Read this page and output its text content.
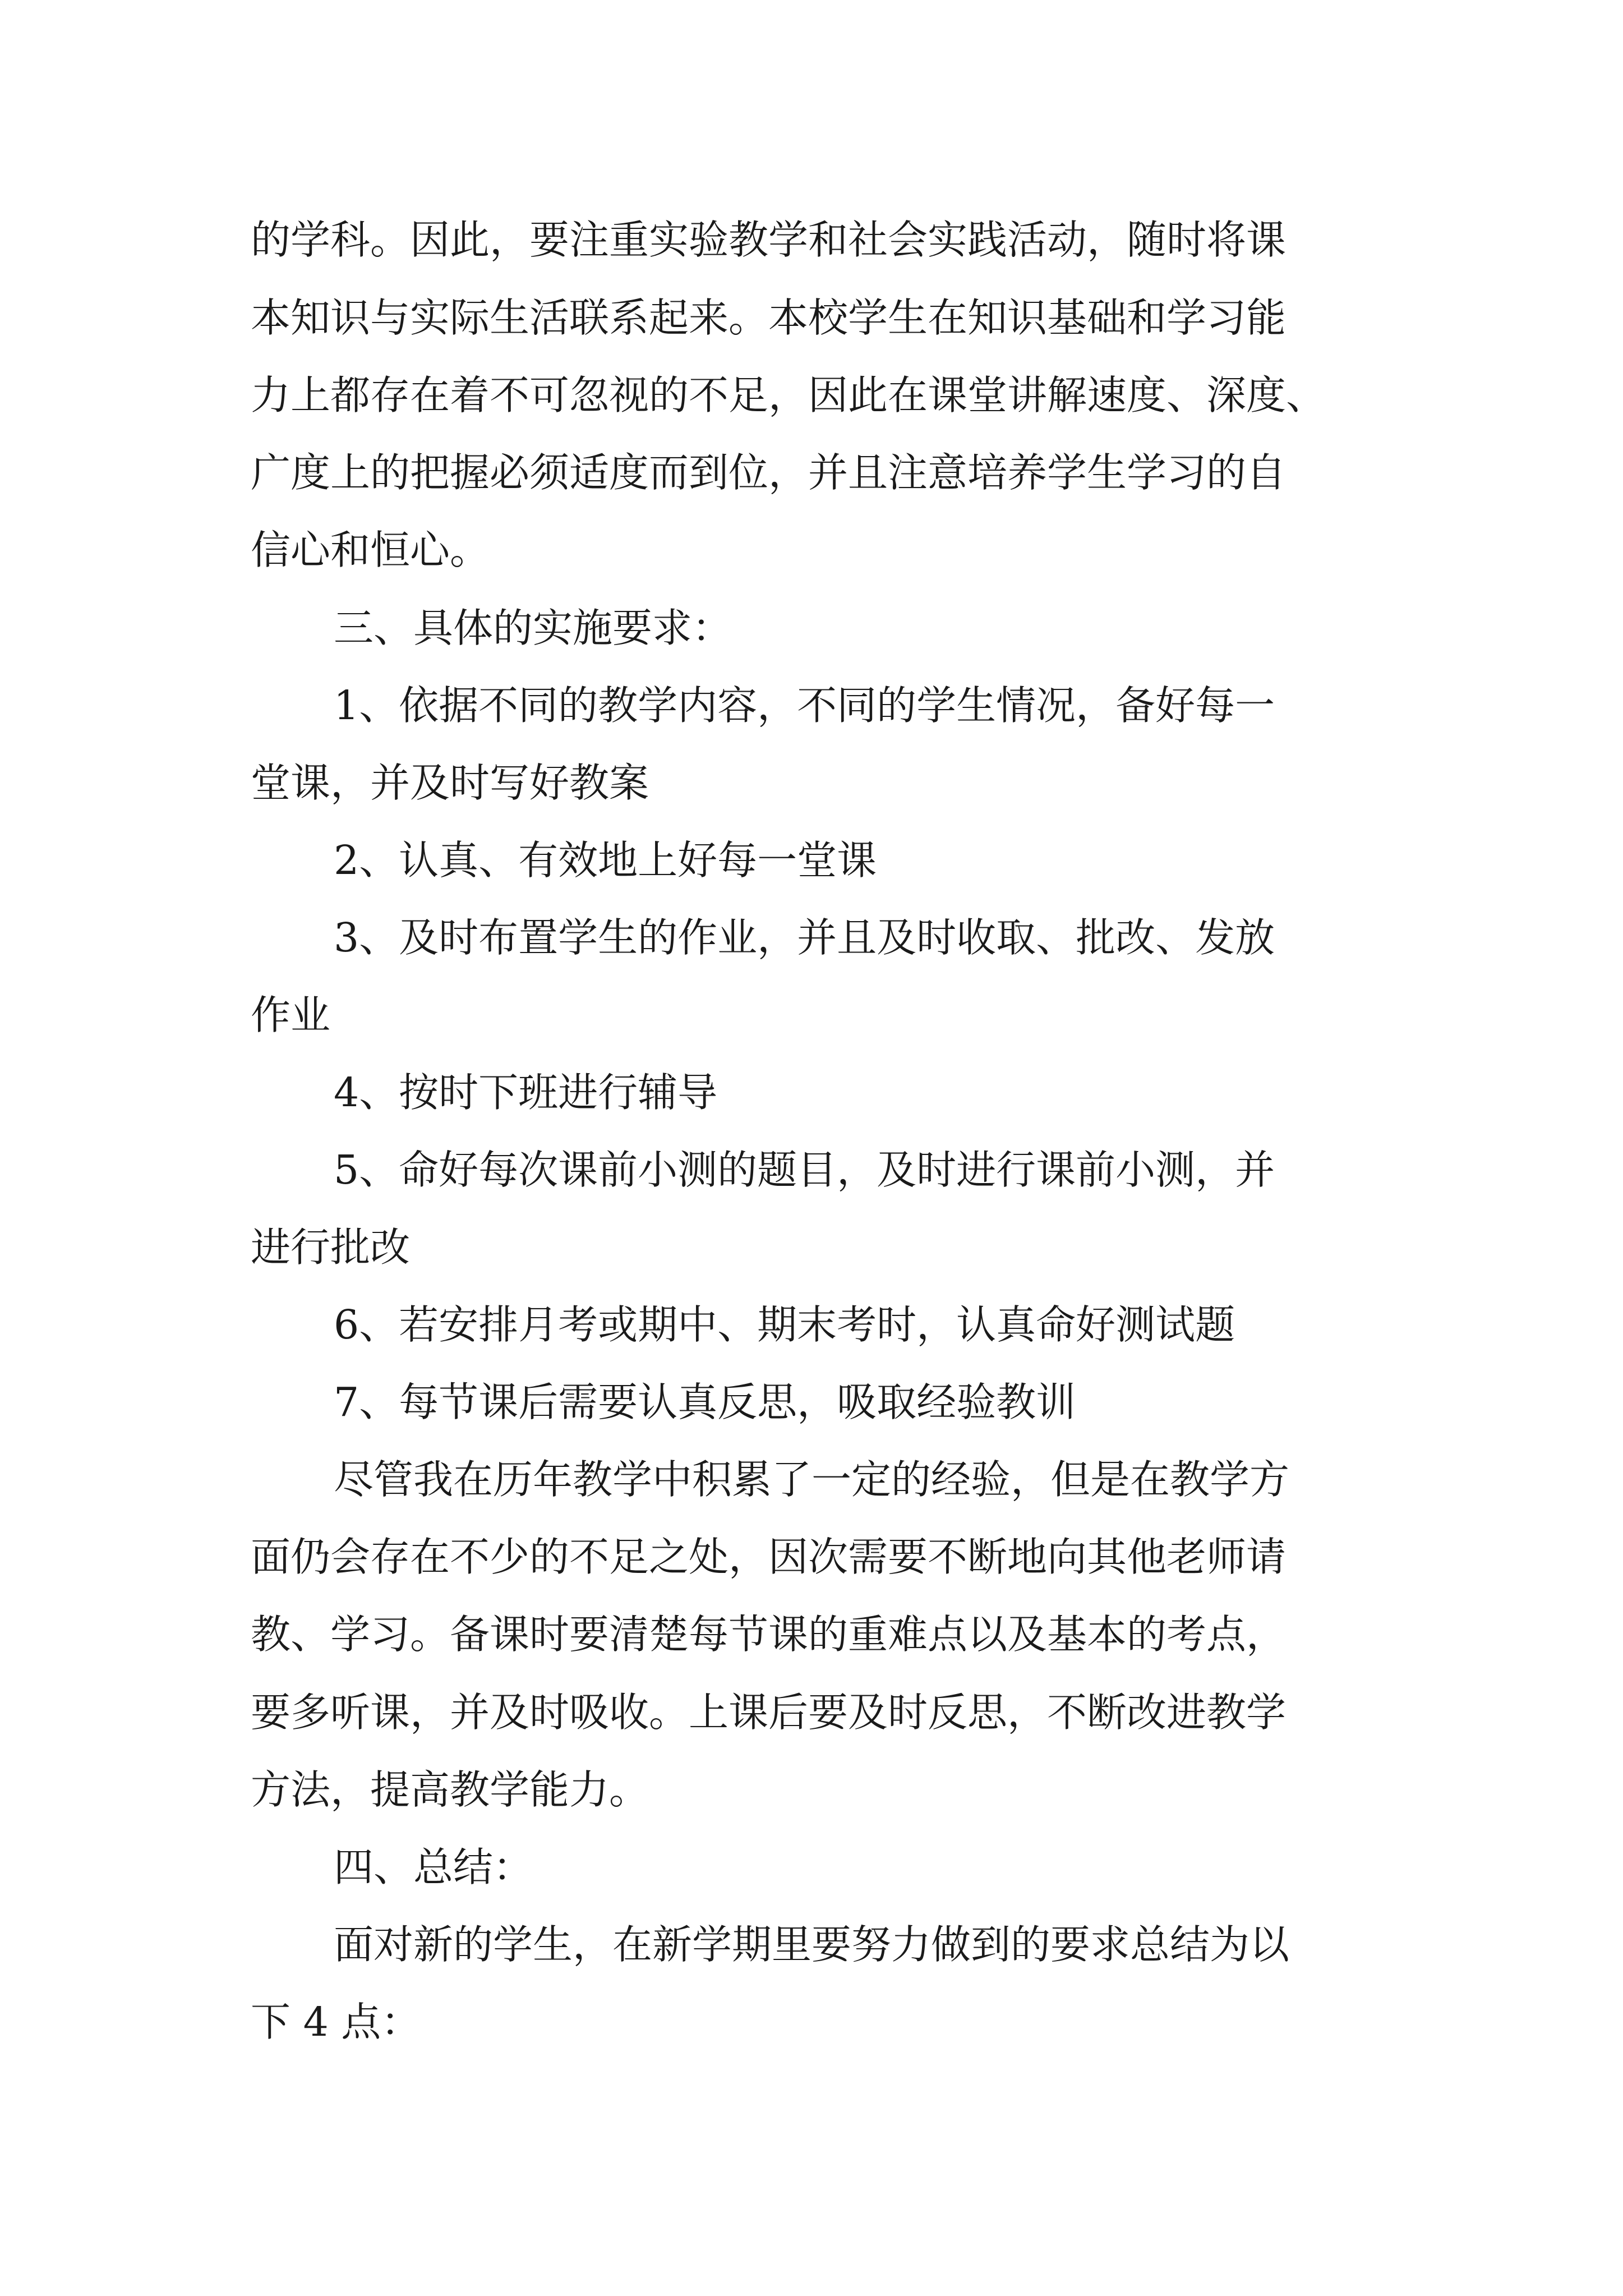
的学科。因此，要注重实验教学和社会实践活动，随时将课
本知识与实际生活联系起来。本校学生在知识基础和学习能
力上都存在着不可忽视的不足，因此在课堂讲解速度、深度、
广度上的把握必须适度而到位，并且注意培养学生学习的自
信心和恒心。
三、具体的实施要求：
1、依据不同的教学内容，不同的学生情况，备好每一
堂课，并及时写好教案
2、认真、有效地上好每一堂课
3、及时布置学生的作业，并且及时收取、批改、发放
作业
4、按时下班进行辅导
5、命好每次课前小测的题目，及时进行课前小测，并
进行批改
6、若安排月考或期中、期末考时，认真命好测试题
7、每节课后需要认真反思，吸取经验教训
尽管我在历年教学中积累了一定的经验，但是在教学方
面仍会存在不少的不足之处，因次需要不断地向其他老师请
教、学习。备课时要清楚每节课的重难点以及基本的考点，
要多听课，并及时吸收。上课后要及时反思，不断改进教学
方法，提高教学能力。
四、总结：
面对新的学生，在新学期里要努力做到的要求总结为以
下 4 点：
